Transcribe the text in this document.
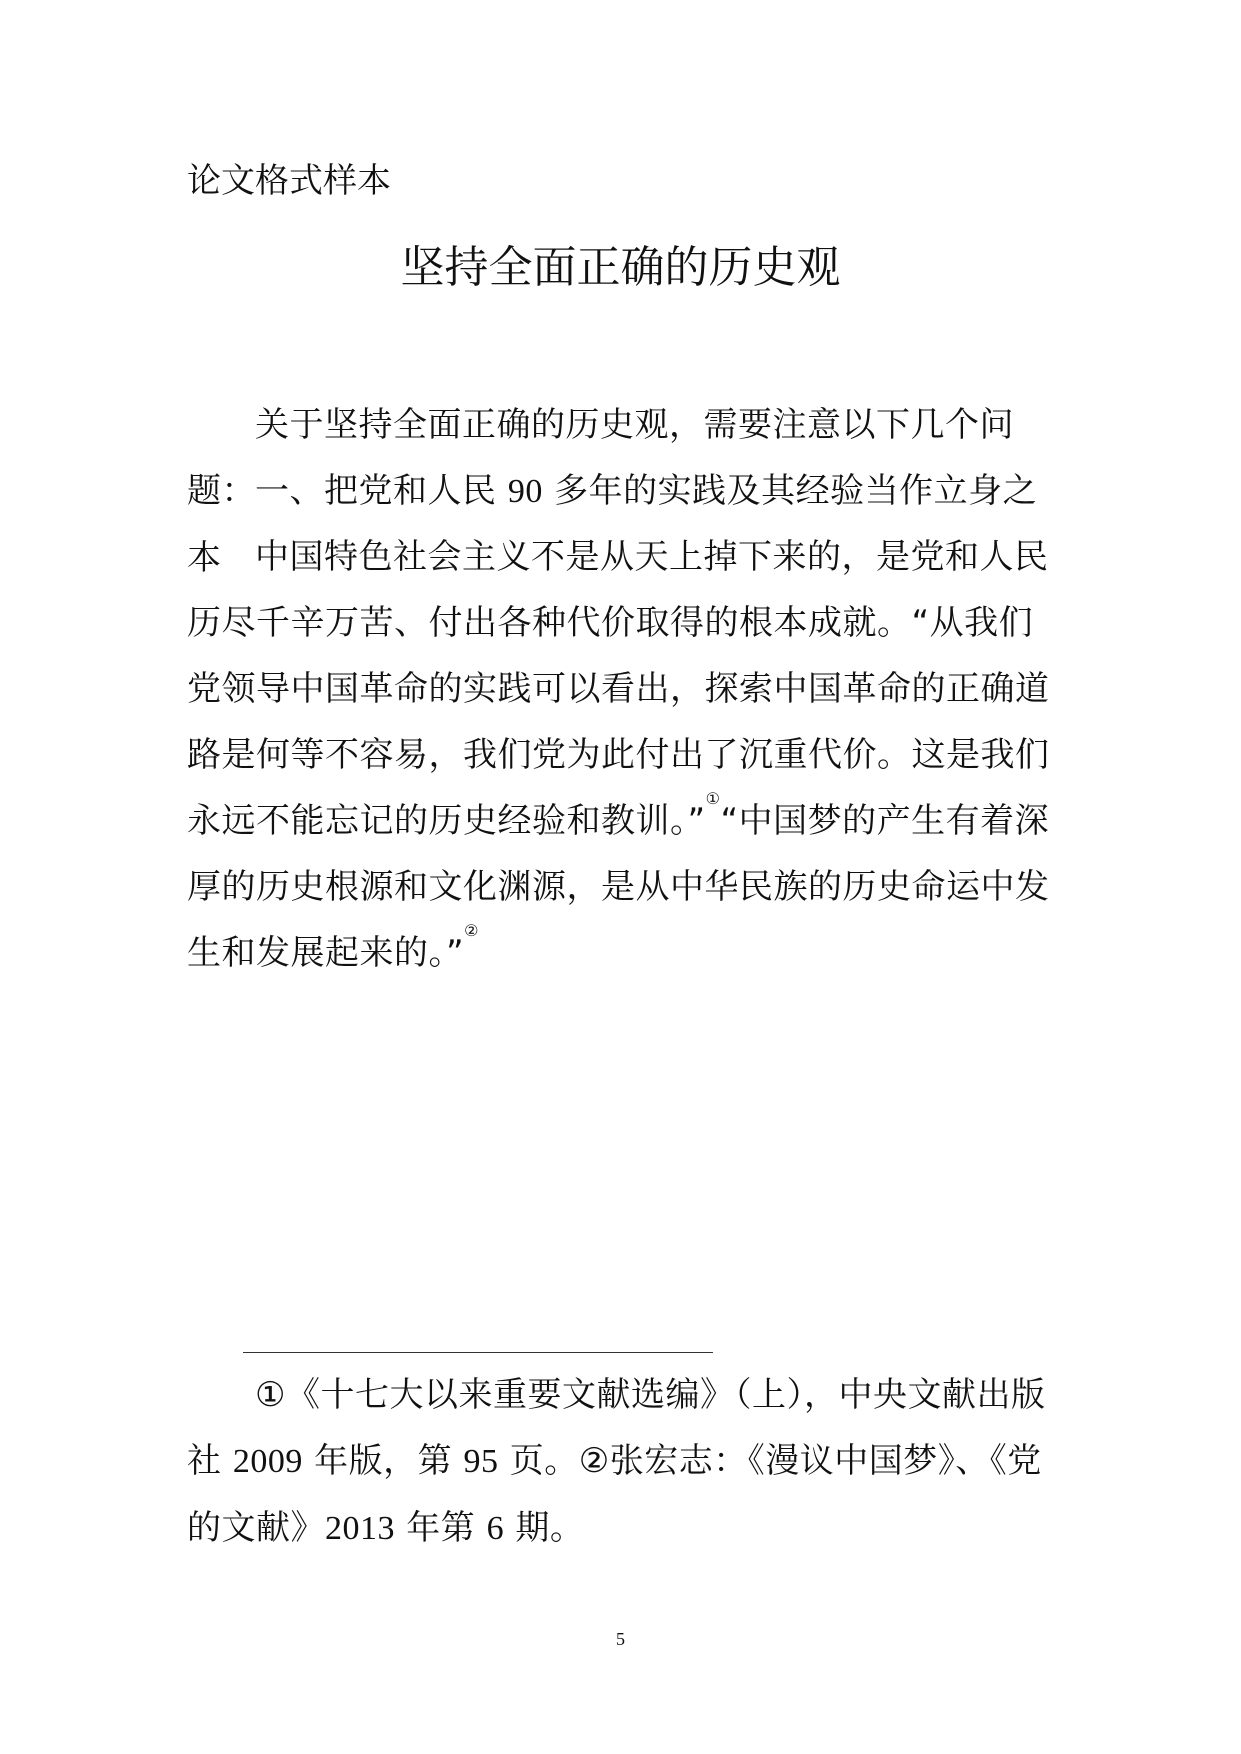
论文格式样本

坚持全面正确的历史观

关于坚持全面正确的历史观，需要注意以下几个问题： 一、把党和人民 90 多年的实践及其经验当作立身之本 中国特色社会主义不是从天上掉下来的，是党和人民历尽千辛万苦、付出各种代价取得的根本成就。“从我们党领导中国革命的实践可以看出，探索中国革命的正确道路是何等不容易，我们党为此付出了沉重代价。这是我们永远不能忘记的历史经验和教训。”①“中国梦的产生有着深厚的历史根源和文化渊源，是从中华民族的历史命运中发生和发展起来的。”②

①《十七大以来重要文献选编》（上），中央文献出版社 2009 年版，第 95 页。②张宏志：《漫议中国梦》、《党的文献》2013 年第 6 期。

5
